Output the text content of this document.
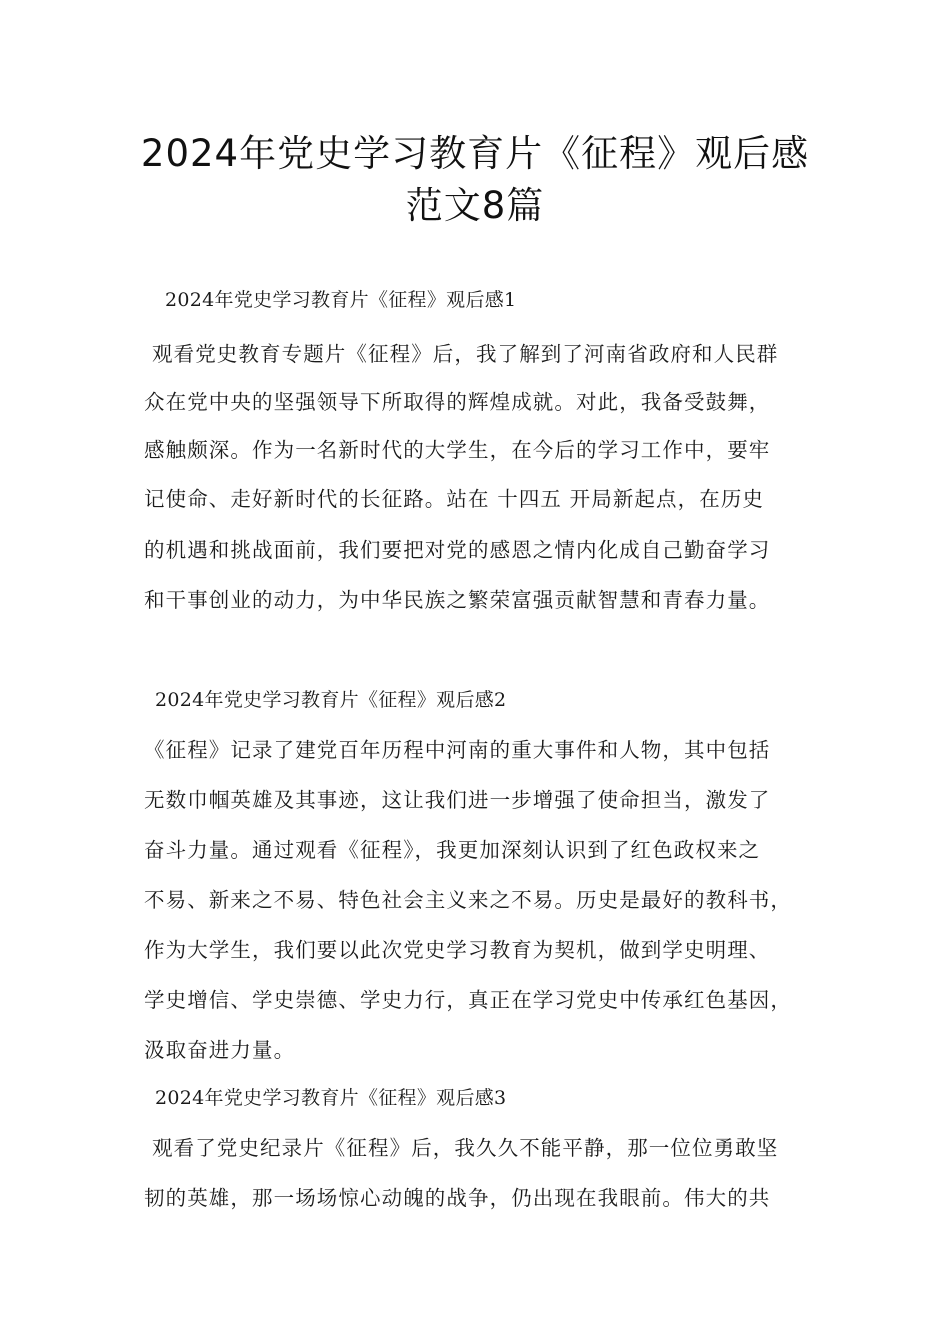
2024年党史学习教育片《征程》观后感
范文8篇
2024年党史学习教育片《征程》观后感1
观看党史教育专题片《征程》后，我了解到了河南省政府和人民群
众在党中央的坚强领导下所取得的辉煌成就。对此，我备受鼓舞，
感触颇深。作为一名新时代的大学生，在今后的学习工作中，要牢
记使命、走好新时代的长征路。站在 十四五 开局新起点，在历史
的机遇和挑战面前，我们要把对党的感恩之情内化成自己勤奋学习
和干事创业的动力，为中华民族之繁荣富强贡献智慧和青春力量。
2024年党史学习教育片《征程》观后感2
《征程》记录了建党百年历程中河南的重大事件和人物，其中包括
无数巾帼英雄及其事迹，这让我们进一步增强了使命担当，激发了
奋斗力量。通过观看《征程》，我更加深刻认识到了红色政权来之
不易、新来之不易、特色社会主义来之不易。历史是最好的教科书，
作为大学生，我们要以此次党史学习教育为契机，做到学史明理、
学史增信、学史崇德、学史力行，真正在学习党史中传承红色基因，
汲取奋进力量。
2024年党史学习教育片《征程》观后感3
观看了党史纪录片《征程》后，我久久不能平静，那一位位勇敢坚
韧的英雄，那一场场惊心动魄的战争，仍出现在我眼前。伟大的共
